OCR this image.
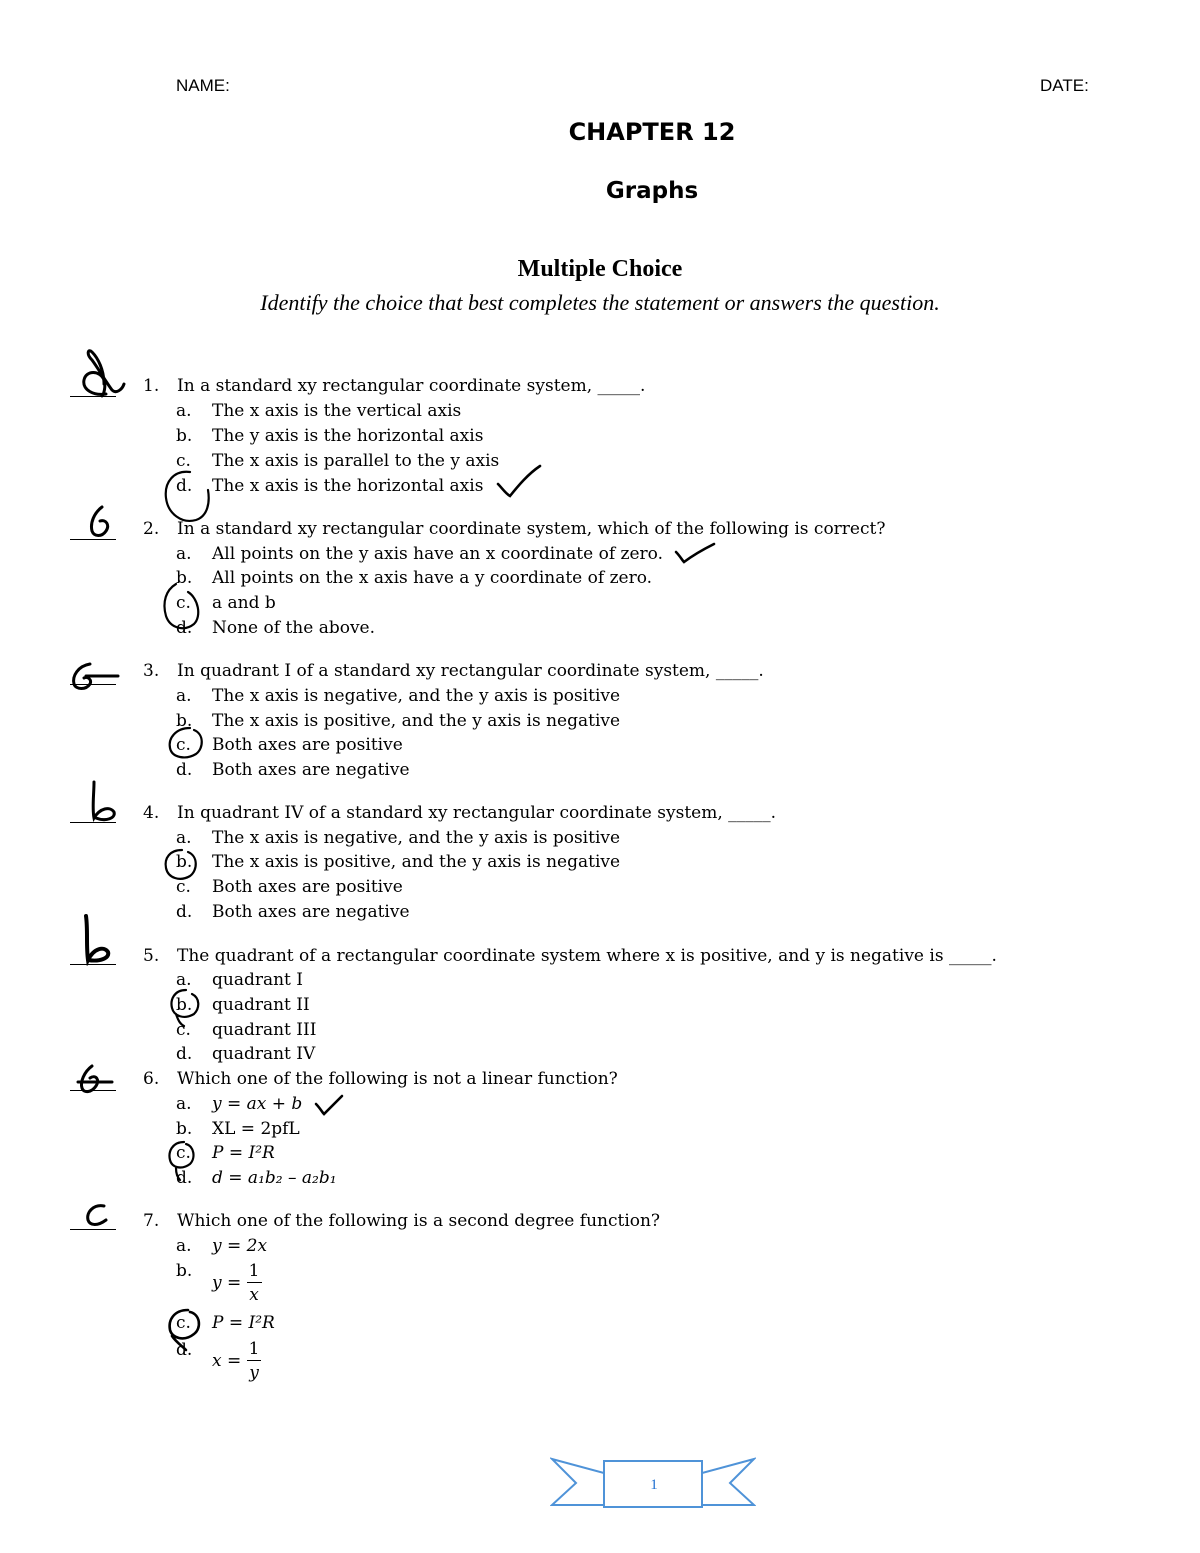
NAME:	DATE:
CHAPTER 12
Graphs
Multiple Choice
Identify the choice that best completes the statement or answers the question.
1. In a standard xy rectangular coordinate system, _____.
a. The x axis is the vertical axis
b. The y axis is the horizontal axis
c. The x axis is parallel to the y axis
d. The x axis is the horizontal axis
2. In a standard xy rectangular coordinate system, which of the following is correct?
a. All points on the y axis have an x coordinate of zero.
b. All points on the x axis have a y coordinate of zero.
c. a and b
d. None of the above.
3. In quadrant I of a standard xy rectangular coordinate system, _____.
a. The x axis is negative, and the y axis is positive
b. The x axis is positive, and the y axis is negative
c. Both axes are positive
d. Both axes are negative
4. In quadrant IV of a standard xy rectangular coordinate system, _____.
a. The x axis is negative, and the y axis is positive
b. The x axis is positive, and the y axis is negative
c. Both axes are positive
d. Both axes are negative
5. The quadrant of a rectangular coordinate system where x is positive, and y is negative is _____.
a. quadrant I
b. quadrant II
c. quadrant III
d. quadrant IV
6. Which one of the following is not a linear function?
a. y = ax + b
b. XL = 2pfL
c. P = I²R
d. d = a₁b₂ – a₂b₁
7. Which one of the following is a second degree function?
a. y = 2x
b.
$y = \frac{1}{x}$
c. P = I²R
d.
$x = \frac{1}{y}$
1
